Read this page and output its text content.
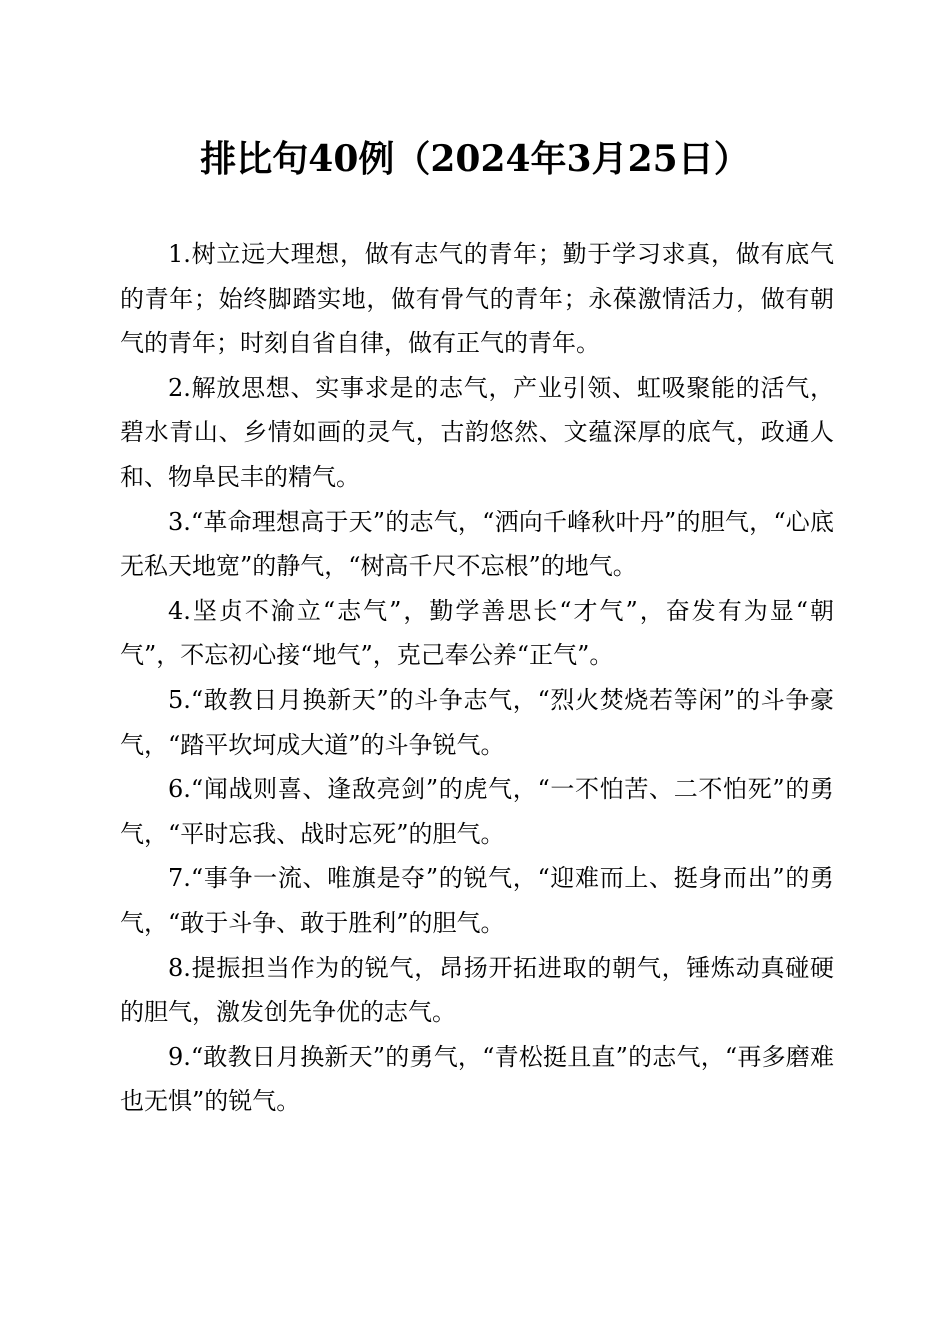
排比句40例（2024年3月25日）

1.树立远大理想，做有志气的青年；勤于学习求真，做有底气的青年；始终脚踏实地，做有骨气的青年；永葆激情活力，做有朝气的青年；时刻自省自律，做有正气的青年。

2.解放思想、实事求是的志气，产业引领、虹吸聚能的活气，碧水青山、乡情如画的灵气，古韵悠然、文蕴深厚的底气，政通人和、物阜民丰的精气。

3.“革命理想高于天”的志气，“洒向千峰秋叶丹”的胆气，“心底无私天地宽”的静气，“树高千尺不忘根”的地气。

4.坚贞不渝立“志气”，勤学善思长“才气”，奋发有为显“朝气”，不忘初心接“地气”，克己奉公养“正气”。

5.“敢教日月换新天”的斗争志气，“烈火焚烧若等闲”的斗争豪气，“踏平坎坷成大道”的斗争锐气。

6.“闻战则喜、逢敌亮剑”的虎气，“一不怕苦、二不怕死”的勇气，“平时忘我、战时忘死”的胆气。

7.“事争一流、唯旗是夺”的锐气，“迎难而上、挺身而出”的勇气，“敢于斗争、敢于胜利”的胆气。

8.提振担当作为的锐气，昂扬开拓进取的朝气，锤炼动真碰硬的胆气，激发创先争优的志气。

9.“敢教日月换新天”的勇气，“青松挺且直”的志气，“再多磨难也无惧”的锐气。
